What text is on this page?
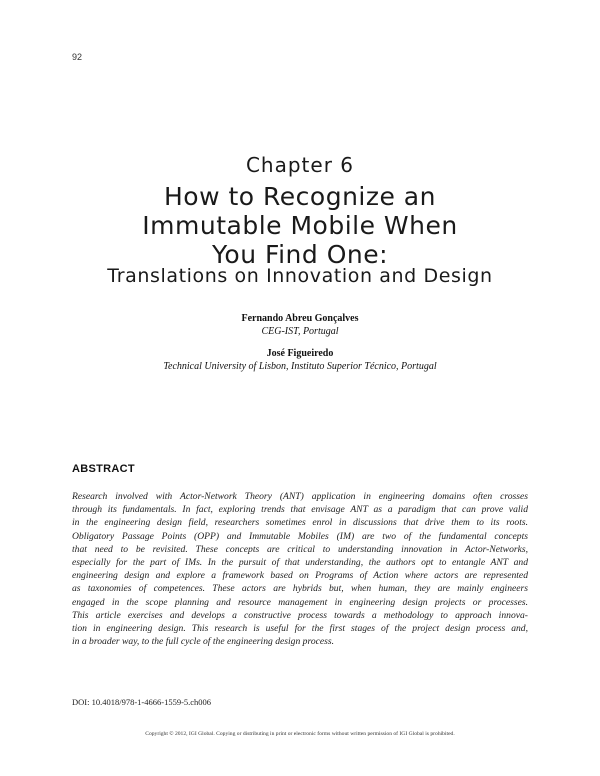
92
Chapter 6
How to Recognize an
Immutable Mobile When
You Find One:
Translations on Innovation and Design
Fernando Abreu Gonçalves
CEG-IST, Portugal
José Figueiredo
Technical University of Lisbon, Instituto Superior Técnico, Portugal
ABSTRACT
Research involved with Actor-Network Theory (ANT) application in engineering domains often crosses
through its fundamentals. In fact, exploring trends that envisage ANT as a paradigm that can prove valid
in the engineering design field, researchers sometimes enrol in discussions that drive them to its roots.
Obligatory Passage Points (OPP) and Immutable Mobiles (IM) are two of the fundamental concepts
that need to be revisited. These concepts are critical to understanding innovation in Actor-Networks,
especially for the part of IMs. In the pursuit of that understanding, the authors opt to entangle ANT and
engineering design and explore a framework based on Programs of Action where actors are represented
as taxonomies of competences. These actors are hybrids but, when human, they are mainly engineers
engaged in the scope planning and resource management in engineering design projects or processes.
This article exercises and develops a constructive process towards a methodology to approach innova-
tion in engineering design. This research is useful for the first stages of the project design process and,
in a broader way, to the full cycle of the engineering design process.
DOI: 10.4018/978-1-4666-1559-5.ch006
Copyright © 2012, IGI Global. Copying or distributing in print or electronic forms without written permission of IGI Global is prohibited.
